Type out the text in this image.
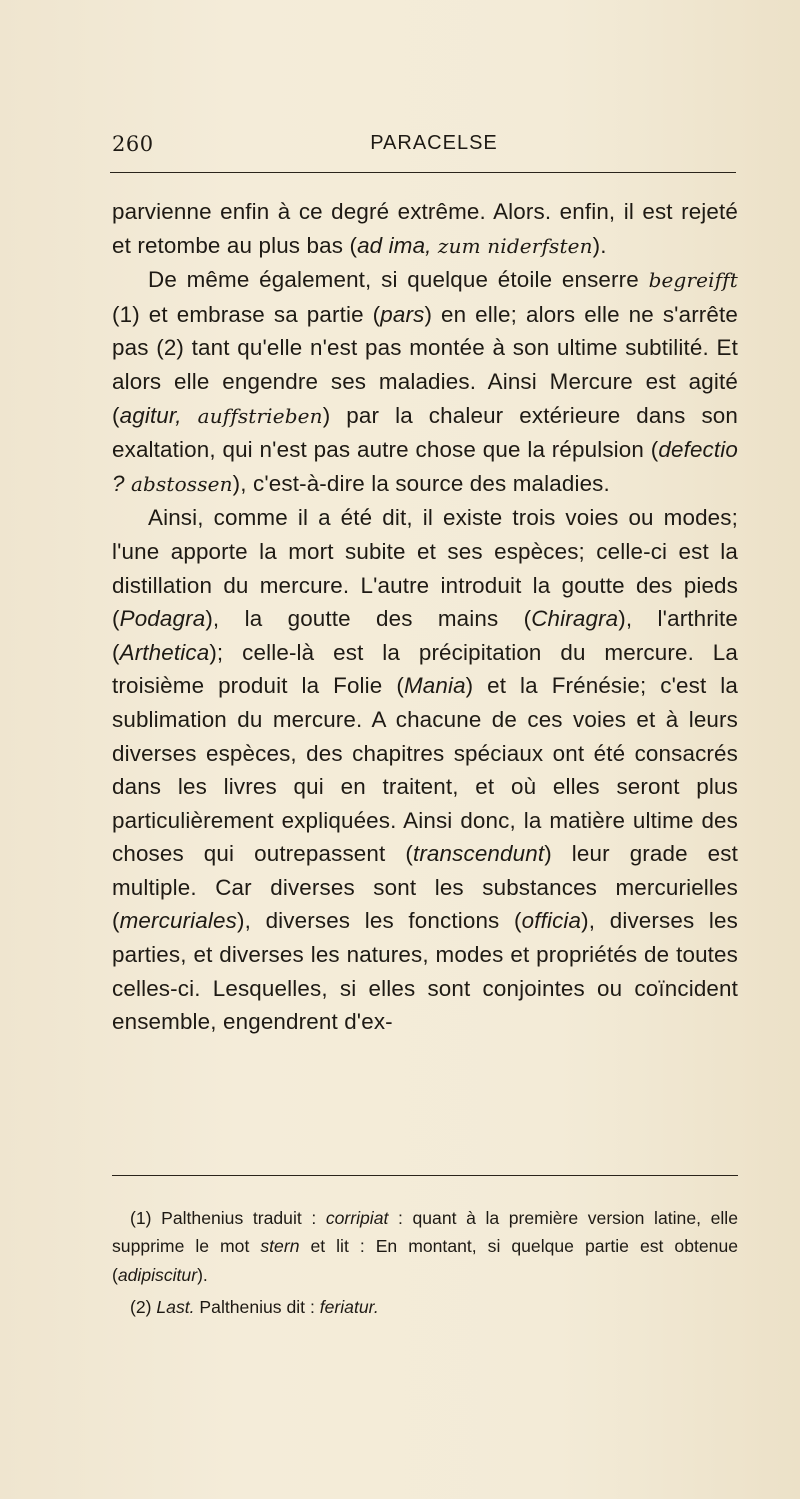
260	PARACELSE

parvienne enfin à ce degré extrême. Alors. enfin, il est rejeté et retombe au plus bas (ad ima, zum niderfsten).

De même également, si quelque étoile enserre begreifft (1) et embrase sa partie (pars) en elle; alors elle ne s'arrête pas (2) tant qu'elle n'est pas montée à son ultime subtilité. Et alors elle engendre ses maladies. Ainsi Mercure est agité (agitur, auffstrieben) par la chaleur extérieure dans son exaltation, qui n'est pas autre chose que la répulsion (defectio ? abstossen), c'est-à-dire la source des maladies.

Ainsi, comme il a été dit, il existe trois voies ou modes; l'une apporte la mort subite et ses espèces; celle-ci est la distillation du mercure. L'autre introduit la goutte des pieds (Podagra), la goutte des mains (Chiragra), l'arthrite (Arthetica); celle-là est la précipitation du mercure. La troisième produit la Folie (Mania) et la Frénésie; c'est la sublimation du mercure. A chacune de ces voies et à leurs diverses espèces, des chapitres spéciaux ont été consacrés dans les livres qui en traitent, et où elles seront plus particulièrement expliquées. Ainsi donc, la matière ultime des choses qui outrepassent (transcendunt) leur grade est multiple. Car diverses sont les substances mercurielles (mercuriales), diverses les fonctions (officia), diverses les parties, et diverses les natures, modes et propriétés de toutes celles-ci. Lesquelles, si elles sont conjointes ou coïncident ensemble, engendrent d'ex-

(1) Palthenius traduit : corripiat : quant à la première version latine, elle supprime le mot stern et lit : En montant, si quelque partie est obtenue (adipiscitur).

(2) Last. Palthenius dit : feriatur.
